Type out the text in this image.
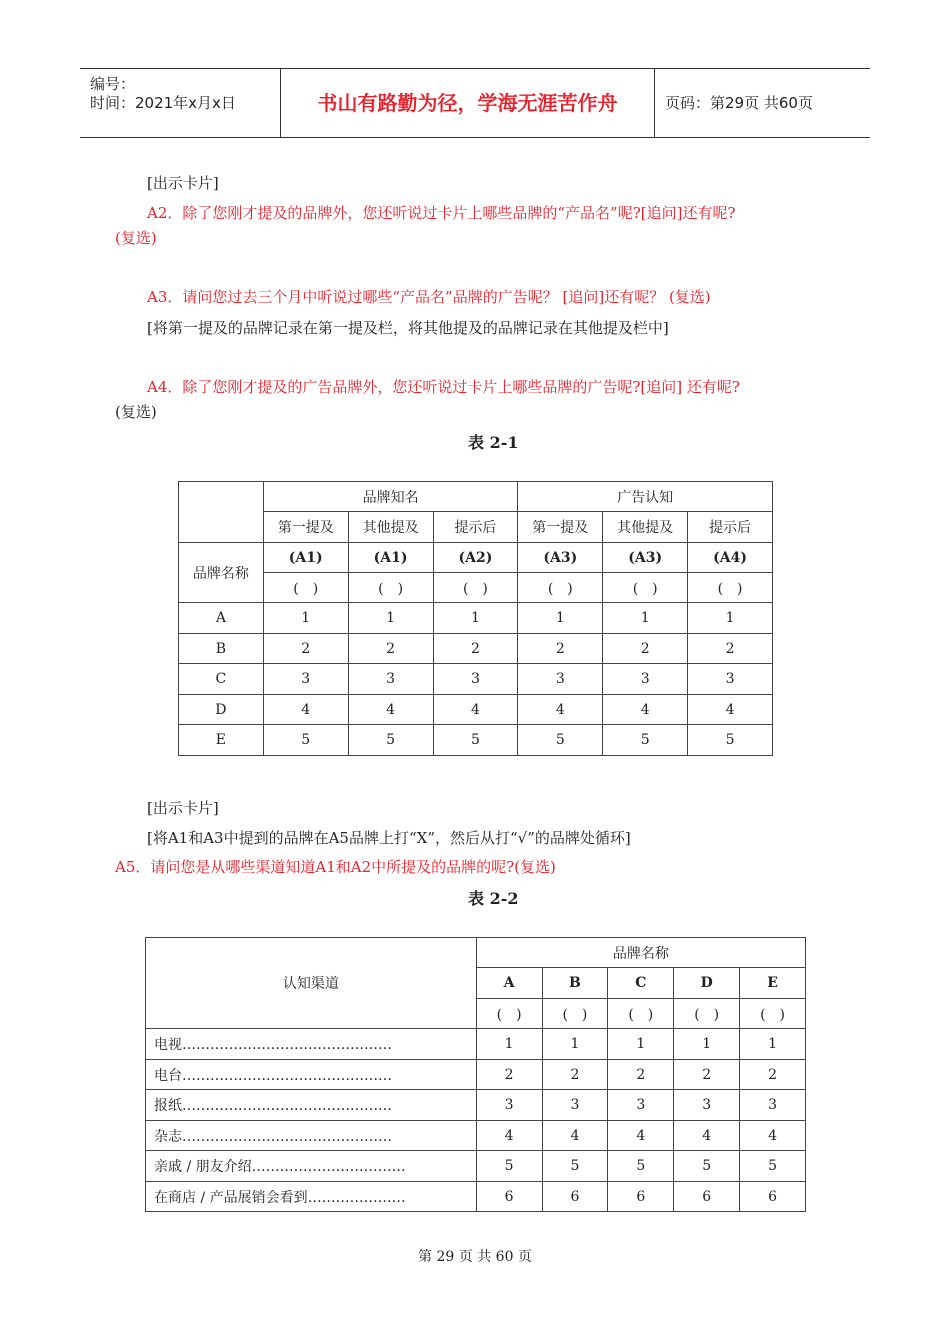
编号：
时间：2021年x月x日	书山有路勤为径，学海无涯苦作舟	页码：第29页 共60页
[出示卡片]
A2．除了您刚才提及的品牌外，您还听说过卡片上哪些品牌的“产品名”呢?[追问]还有呢?
(复选)
A3．请问您过去三个月中听说过哪些“产品名”品牌的广告呢？ [追问]还有呢？ (复选)
[将第一提及的品牌记录在第一提及栏，将其他提及的品牌记录在其他提及栏中]
A4．除了您刚才提及的广告品牌外，您还听说过卡片上哪些品牌的广告呢?[追问] 还有呢?
(复选)
表 2-1
	品牌知名			广告认知		
	第一提及	其他提及	提示后	第一提及	其他提及	提示后
品牌名称	(A1)	(A1)	(A2)	(A3)	(A3)	(A4)
	(　)	(　)	(　)	(　)	(　)	(　)
A	1	1	1	1	1	1
B	2	2	2	2	2	2
C	3	3	3	3	3	3
D	4	4	4	4	4	4
E	5	5	5	5	5	5
[出示卡片]
[将A1和A3中提到的品牌在A5品牌上打“X”，然后从打“√”的品牌处循环]
A5．请问您是从哪些渠道知道A1和A2中所提及的品牌的呢?(复选)
表 2-2
认知渠道	品牌名称				
	A	B	C	D	E
	(　)	(　)	(　)	(　)	(　)
电视………………………………………	1	1	1	1	1
电台………………………………………	2	2	2	2	2
报纸………………………………………	3	3	3	3	3
杂志………………………………………	4	4	4	4	4
亲戚 / 朋友介绍……………………………	5	5	5	5	5
在商店 / 产品展销会看到…………………	6	6	6	6	6
第 29 页 共 60 页
